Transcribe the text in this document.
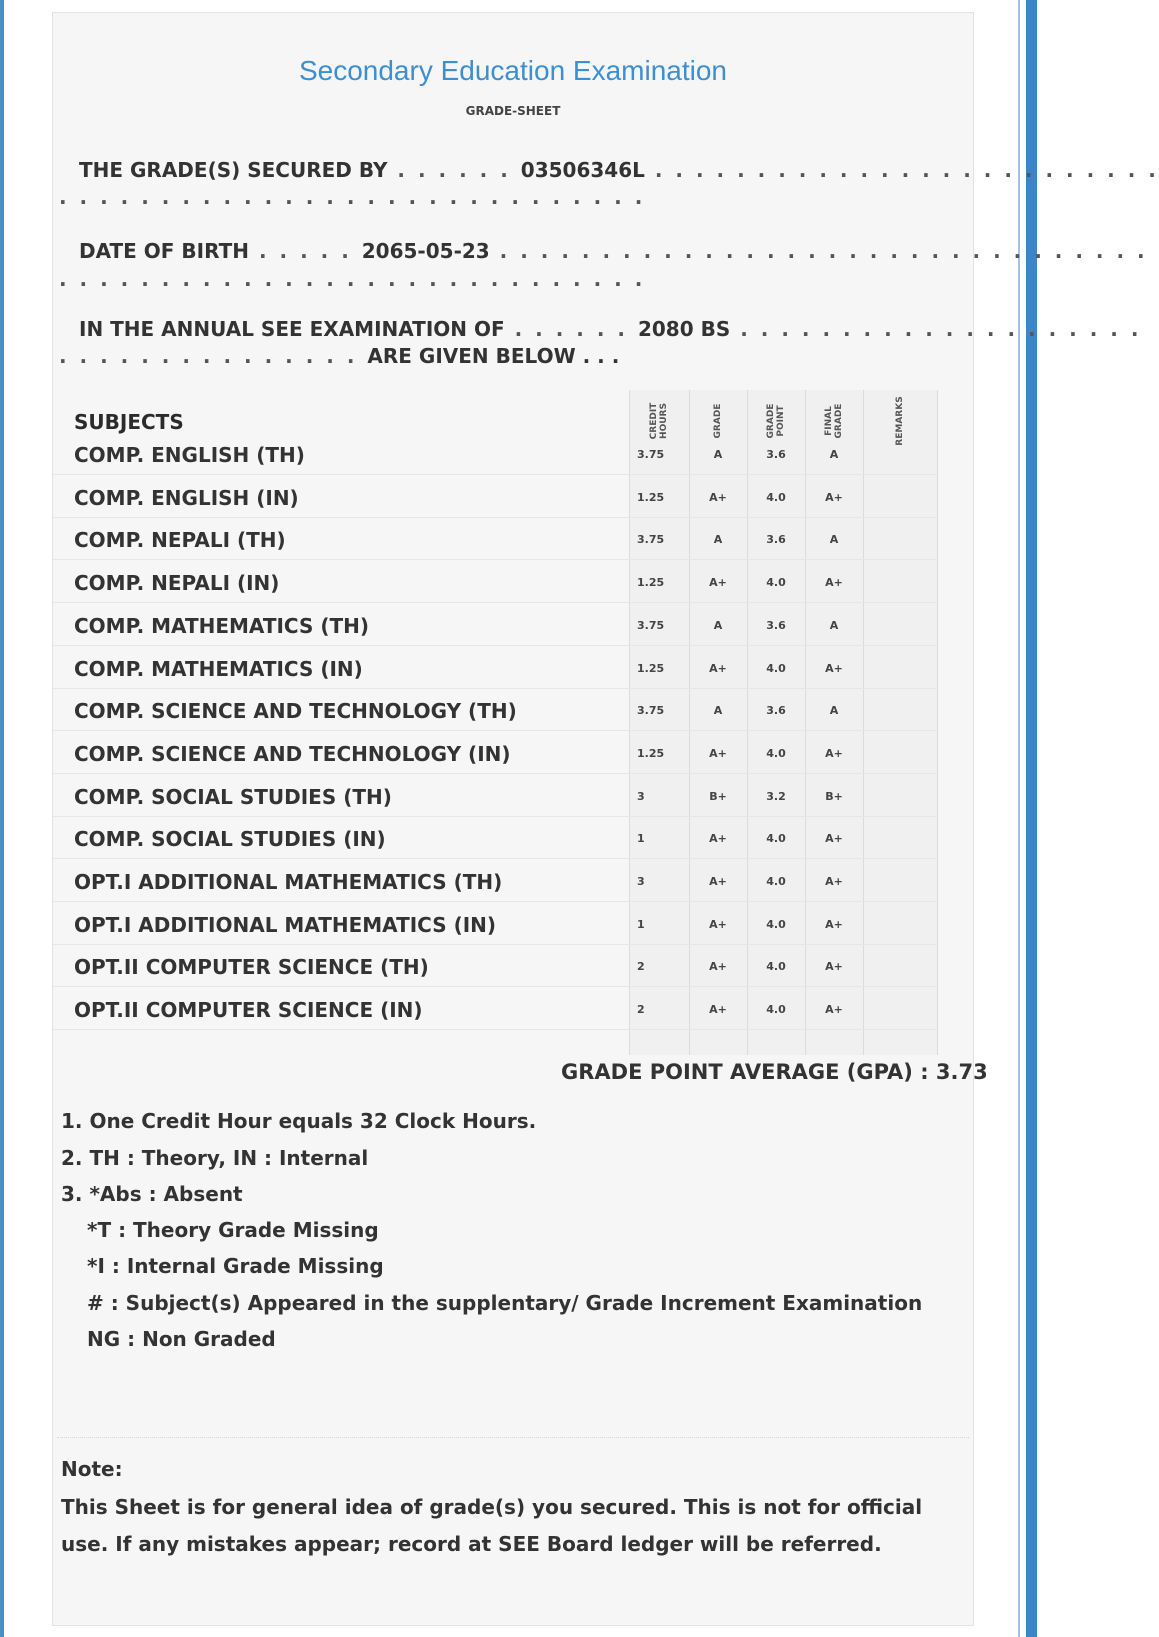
Secondary Education Examination
GRADE-SHEET
THE GRADE(S) SECURED BY . . . . . . 03506346L . . . . . . . . . . . . . . . . . . . . . . . . .
. . . . . . . . . . . . . . . . . . . . . . . . . . . . .
DATE OF BIRTH . . . . . 2065-05-23 . . . . . . . . . . . . . . . . . . . . . . . . . . . . . . . .
. . . . . . . . . . . . . . . . . . . . . . . . . . . . .
IN THE ANNUAL SEE EXAMINATION OF . . . . . . 2080 BS . . . . . . . . . . . . . . . . . . . .
. . . . . . . . . . . . . . . ARE GIVEN BELOW . . .
SUBJECTS	CREDIT HOURS	GRADE	GRADE POINT	FINAL GRADE	REMARKS
COMP. ENGLISH (TH)	3.75	A	3.6	A
COMP. ENGLISH (IN)	1.25	A+	4.0	A+
COMP. NEPALI (TH)	3.75	A	3.6	A
COMP. NEPALI (IN)	1.25	A+	4.0	A+
COMP. MATHEMATICS (TH)	3.75	A	3.6	A
COMP. MATHEMATICS (IN)	1.25	A+	4.0	A+
COMP. SCIENCE AND TECHNOLOGY (TH)	3.75	A	3.6	A
COMP. SCIENCE AND TECHNOLOGY (IN)	1.25	A+	4.0	A+
COMP. SOCIAL STUDIES (TH)	3	B+	3.2	B+
COMP. SOCIAL STUDIES (IN)	1	A+	4.0	A+
OPT.I ADDITIONAL MATHEMATICS (TH)	3	A+	4.0	A+
OPT.I ADDITIONAL MATHEMATICS (IN)	1	A+	4.0	A+
OPT.II COMPUTER SCIENCE (TH)	2	A+	4.0	A+
OPT.II COMPUTER SCIENCE (IN)	2	A+	4.0	A+
GRADE POINT AVERAGE (GPA) : 3.73
1. One Credit Hour equals 32 Clock Hours.
2. TH : Theory, IN : Internal
3. *Abs : Absent
*T : Theory Grade Missing
*I : Internal Grade Missing
# : Subject(s) Appeared in the supplentary/ Grade Increment Examination
NG : Non Graded
Note:
This Sheet is for general idea of grade(s) you secured. This is not for official use. If any mistakes appear; record at SEE Board ledger will be referred.
